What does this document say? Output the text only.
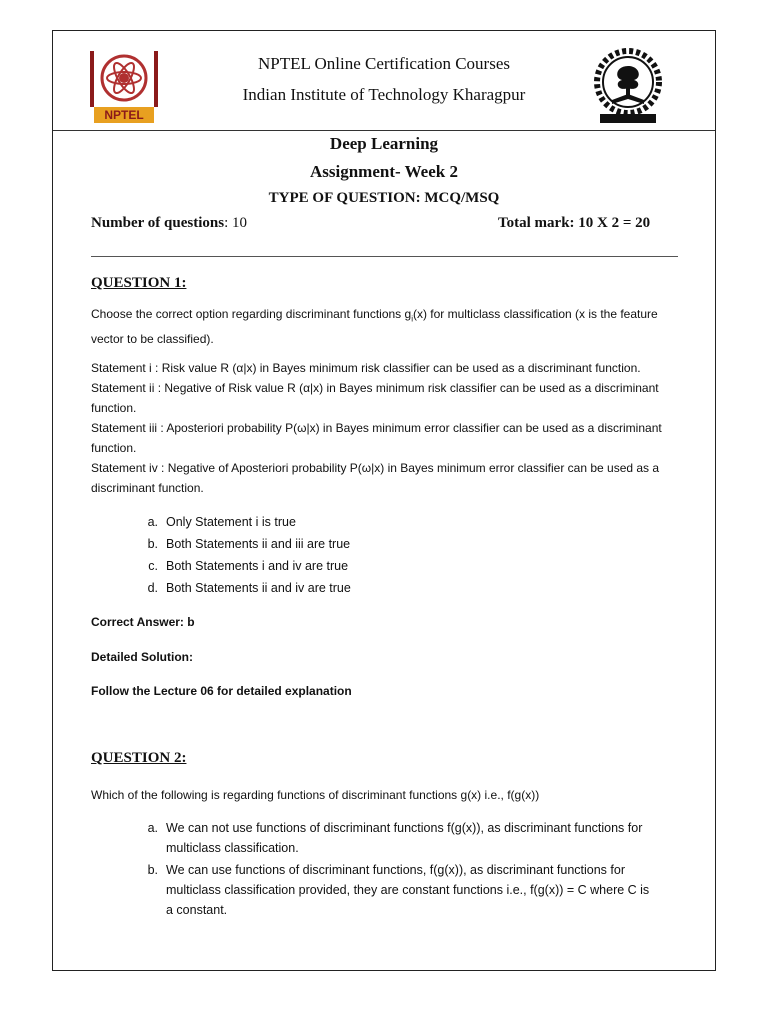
NPTEL
NPTEL Online Certification Courses
Indian Institute of Technology Kharagpur
Deep Learning
Assignment- Week 2
TYPE OF QUESTION: MCQ/MSQ
Number of questions: 10	Total mark: 10 X 2 = 20
QUESTION 1:
Choose the correct option regarding discriminant functions $g_i(x)$ for multiclass classification (x is the feature vector to be classified).
Statement i : Risk value R (α|x) in Bayes minimum risk classifier can be used as a discriminant function.
Statement ii : Negative of Risk value R (α|x) in Bayes minimum risk classifier can be used as a discriminant function.
Statement iii : Aposteriori probability P(ω|x) in Bayes minimum error classifier can be used as a discriminant function.
Statement iv : Negative of Aposteriori probability P(ω|x) in Bayes minimum error classifier can be used as a discriminant function.
a. Only Statement i is true
b. Both Statements ii and iii are true
c. Both Statements i and iv are true
d. Both Statements ii and iv are true
Correct Answer: b
Detailed Solution:
Follow the Lecture 06 for detailed explanation
QUESTION 2:
Which of the following is regarding functions of discriminant functions g(x) i.e., f(g(x))
a. We can not use functions of discriminant functions f(g(x)), as discriminant functions for multiclass classification.
b. We can use functions of discriminant functions, f(g(x)), as discriminant functions for multiclass classification provided, they are constant functions i.e., f(g(x)) = C where C is a constant.
